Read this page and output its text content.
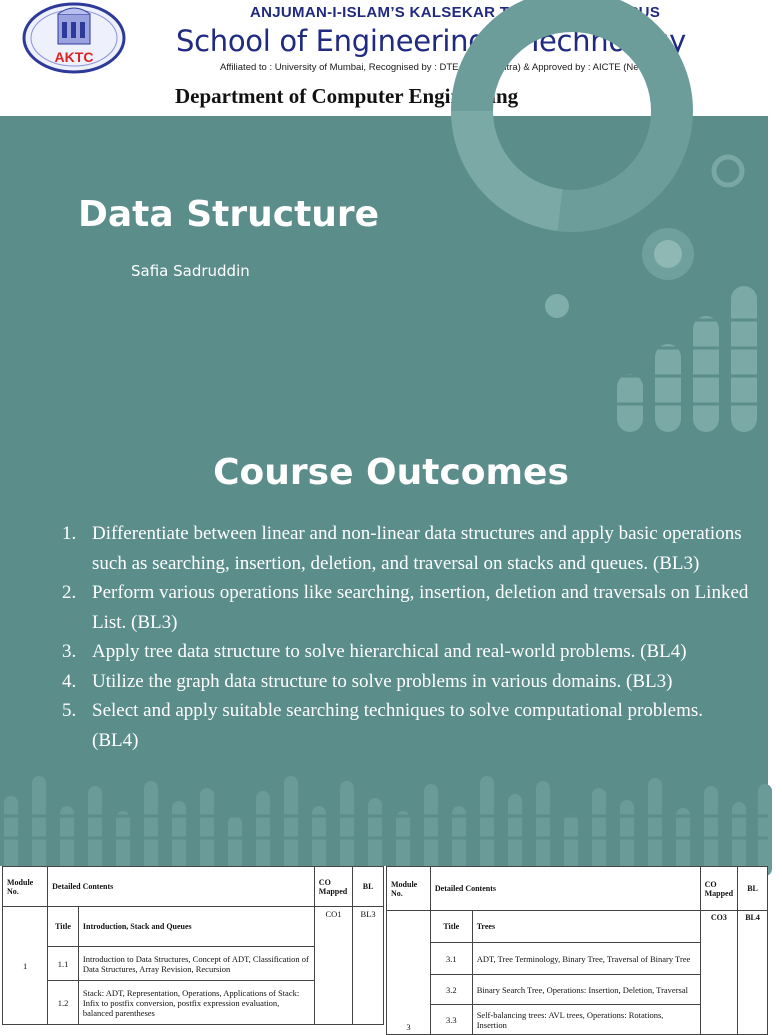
AKTC
ANJUMAN-I-ISLAM’S KALSEKAR TECHNICAL CAMPUS
School of Engineering & Technology
Affiliated to : University of Mumbai, Recognised by : DTE (Maharashtra) & Approved by : AICTE (New Delhi)
Department of Computer Engineering
Data Structure
Safia Sadruddin
Course Outcomes
1. Differentiate between linear and non-linear data structures and apply basic operations such as searching, insertion, deletion, and traversal on stacks and queues. (BL3)
2. Perform various operations like searching, insertion, deletion and traversals on Linked List. (BL3)
3. Apply tree data structure to solve hierarchical and real-world problems. (BL4)
4. Utilize the graph data structure to solve problems in various domains. (BL3)
5. Select and apply suitable searching techniques to solve computational problems. (BL4)
Module No.	Detailed Contents		CO Mapped	BL
1	Title	Introduction, Stack and Queues	CO1	BL3
	1.1	Introduction to Data Structures, Concept of ADT, Classification of Data Structures, Array Revision, Recursion		
	1.2	Stack: ADT, Representation, Operations, Applications of Stack: Infix to postfix conversion, postfix expression evaluation, balanced parentheses		
Module No.	Detailed Contents		CO Mapped	BL
3	Title	Trees	CO3	BL4
	3.1	ADT, Tree Terminology, Binary Tree, Traversal of Binary Tree		
	3.2	Binary Search Tree, Operations: Insertion, Deletion, Traversal		
	3.3	Self-balancing trees: AVL trees, Operations: Rotations, Insertion		
